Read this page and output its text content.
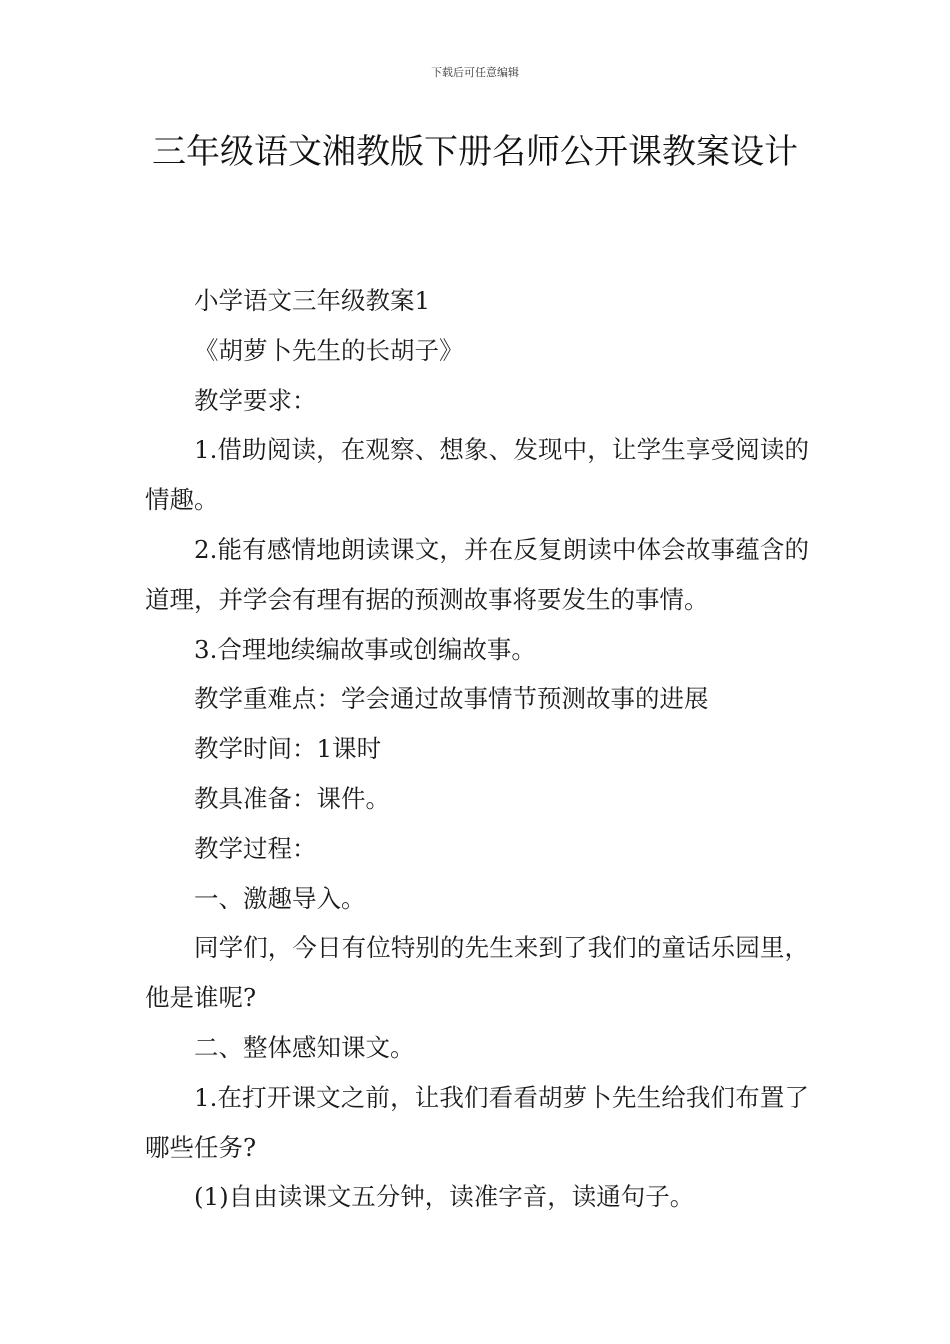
下载后可任意编辑
三年级语文湘教版下册名师公开课教案设计

小学语文三年级教案1

《胡萝卜先生的长胡子》

教学要求：

1.借助阅读，在观察、想象、发现中，让学生享受阅读的情趣。

2.能有感情地朗读课文，并在反复朗读中体会故事蕴含的道理，并学会有理有据的预测故事将要发生的事情。

3.合理地续编故事或创编故事。

教学重难点：学会通过故事情节预测故事的进展

教学时间：1课时

教具准备：课件。

教学过程：

一、激趣导入。

同学们，今日有位特别的先生来到了我们的童话乐园里，他是谁呢?

二、整体感知课文。

1.在打开课文之前，让我们看看胡萝卜先生给我们布置了哪些任务?

(1)自由读课文五分钟，读准字音，读通句子。
